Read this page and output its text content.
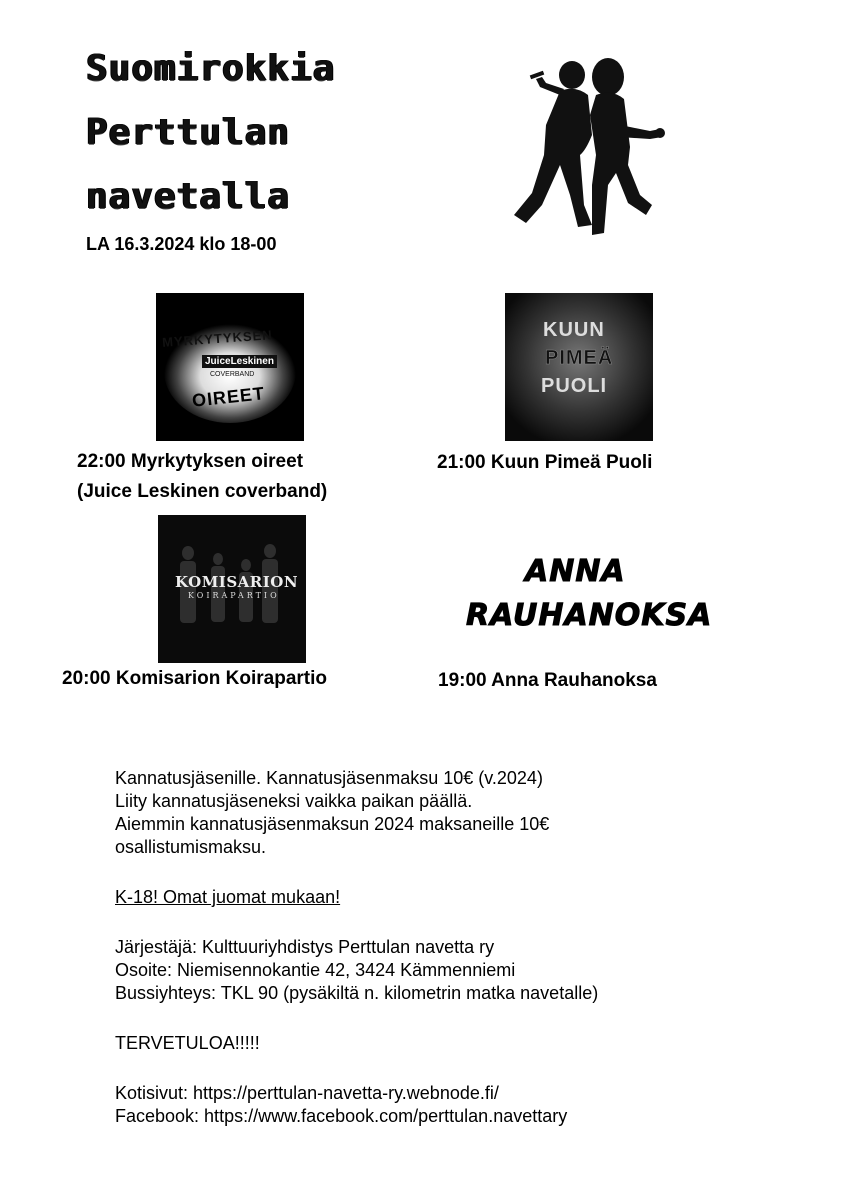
Suomirokkia
Perttulan
navetalla
LA 16.3.2024 klo 18-00
MYRKYTYKSEN
JuiceLeskinen
COVERBAND
OIREET
22:00 Myrkytyksen oireet
(Juice Leskinen coverband)
KUUN
PIMEÄ
PUOLI
21:00 Kuun Pimeä Puoli
KOMISARION
KOIRAPARTIO
20:00 Komisarion Koirapartio
ANNA
RAUHANOKSA
19:00 Anna Rauhanoksa
Kannatusjäsenille. Kannatusjäsenmaksu 10€ (v.2024)
Liity kannatusjäseneksi vaikka paikan päällä.
Aiemmin kannatusjäsenmaksun 2024 maksaneille 10€
osallistumismaksu.
K-18! Omat juomat mukaan!
Järjestäjä: Kulttuuriyhdistys Perttulan navetta ry
Osoite: Niemisennokantie 42, 3424 Kämmenniemi
Bussiyhteys: TKL 90 (pysäkiltä n. kilometrin matka navetalle)
TERVETULOA!!!!!
Kotisivut: https://perttulan-navetta-ry.webnode.fi/
Facebook: https://www.facebook.com/perttulan.navettary
